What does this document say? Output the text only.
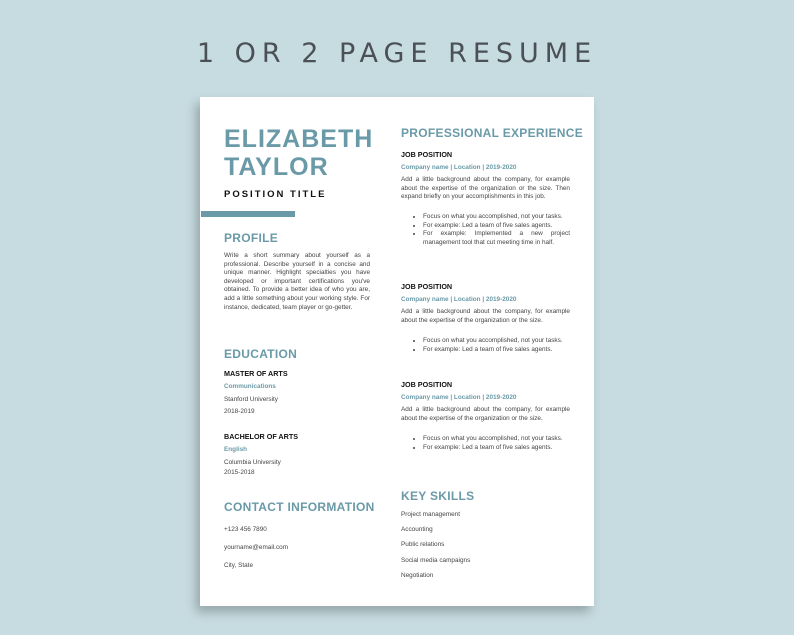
1 OR 2 PAGE RESUME
ELIZABETH
TAYLOR
POSITION TITLE
PROFILE
Write a short summary about yourself as a professional. Describe yourself in a concise and unique manner. Highlight specialties you have developed or important certifications you've obtained. To provide a better idea of who you are, add a little something about your working style. For instance, dedicated, team player or go-getter.
EDUCATION
MASTER OF ARTS
Communications
Stanford University
2018-2019
BACHELOR OF ARTS
English
Columbia University
2015-2018
CONTACT INFORMATION
+123 456 7890
yourname@email.com
City, State
PROFESSIONAL EXPERIENCE
JOB POSITION
Company name | Location | 2019-2020
Add a little background about the company, for example about the expertise of the organization or the size. Then expand briefly on your accomplishments in this job.
• Focus on what you accomplished, not your tasks.
• For example: Led a team of five sales agents.
• For example: Implemented a new project management tool that cut meeting time in half.
JOB POSITION
Company name | Location | 2019-2020
Add a little background about the company, for example about the expertise of the organization or the size.
• Focus on what you accomplished, not your tasks.
• For example: Led a team of five sales agents.
JOB POSITION
Company name | Location | 2019-2020
Add a little background about the company, for example about the expertise of the organization or the size.
• Focus on what you accomplished, not your tasks.
• For example: Led a team of five sales agents.
KEY SKILLS
Project management
Accounting
Public relations
Social media campaigns
Negotiation
